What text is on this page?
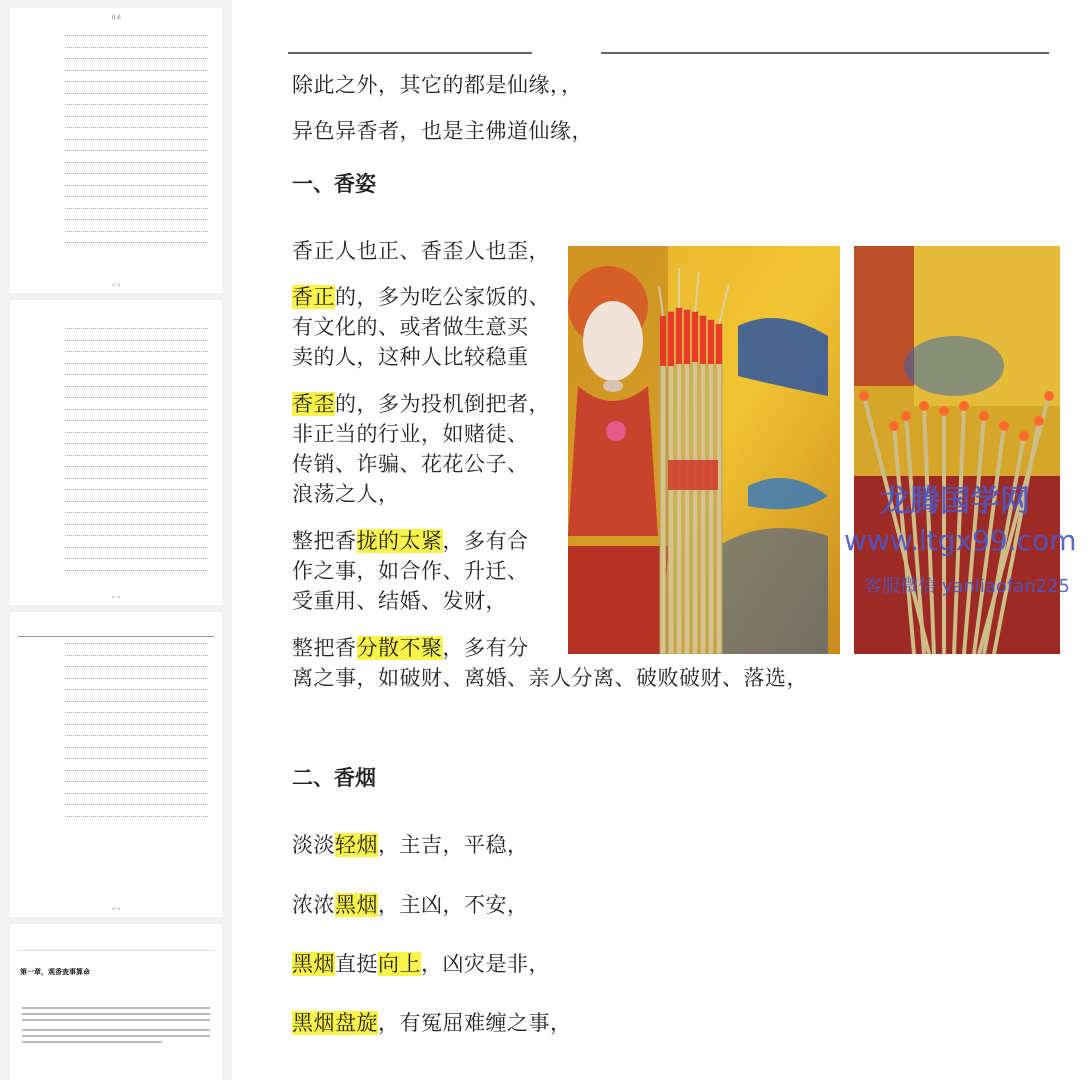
目录
1 / 4
2 / 4
3 / 4
第一章，观香查事算命
除此之外，其它的都是仙缘，，
异色异香者，也是主佛道仙缘，
一、香姿
香正人也正、香歪人也歪，
香正的，多为吃公家饭的、
有文化的、或者做生意买
卖的人，这种人比较稳重
香歪的，多为投机倒把者，
非正当的行业，如赌徒、
传销、诈骗、花花公子、
浪荡之人，
整把香拢的太紧，多有合
作之事，如合作、升迁、
受重用、结婚、发财，
整把香分散不聚，多有分
离之事，如破财、离婚、亲人分离、破败破财、落选，
二、香烟
淡淡轻烟，主吉，平稳，
浓浓黑烟，主凶，不安，
黑烟直挺向上，凶灾是非，
黑烟盘旋，有冤屈难缠之事，
龙腾国学网
www.ltgx99.com
客服微信 yanliaofan225
